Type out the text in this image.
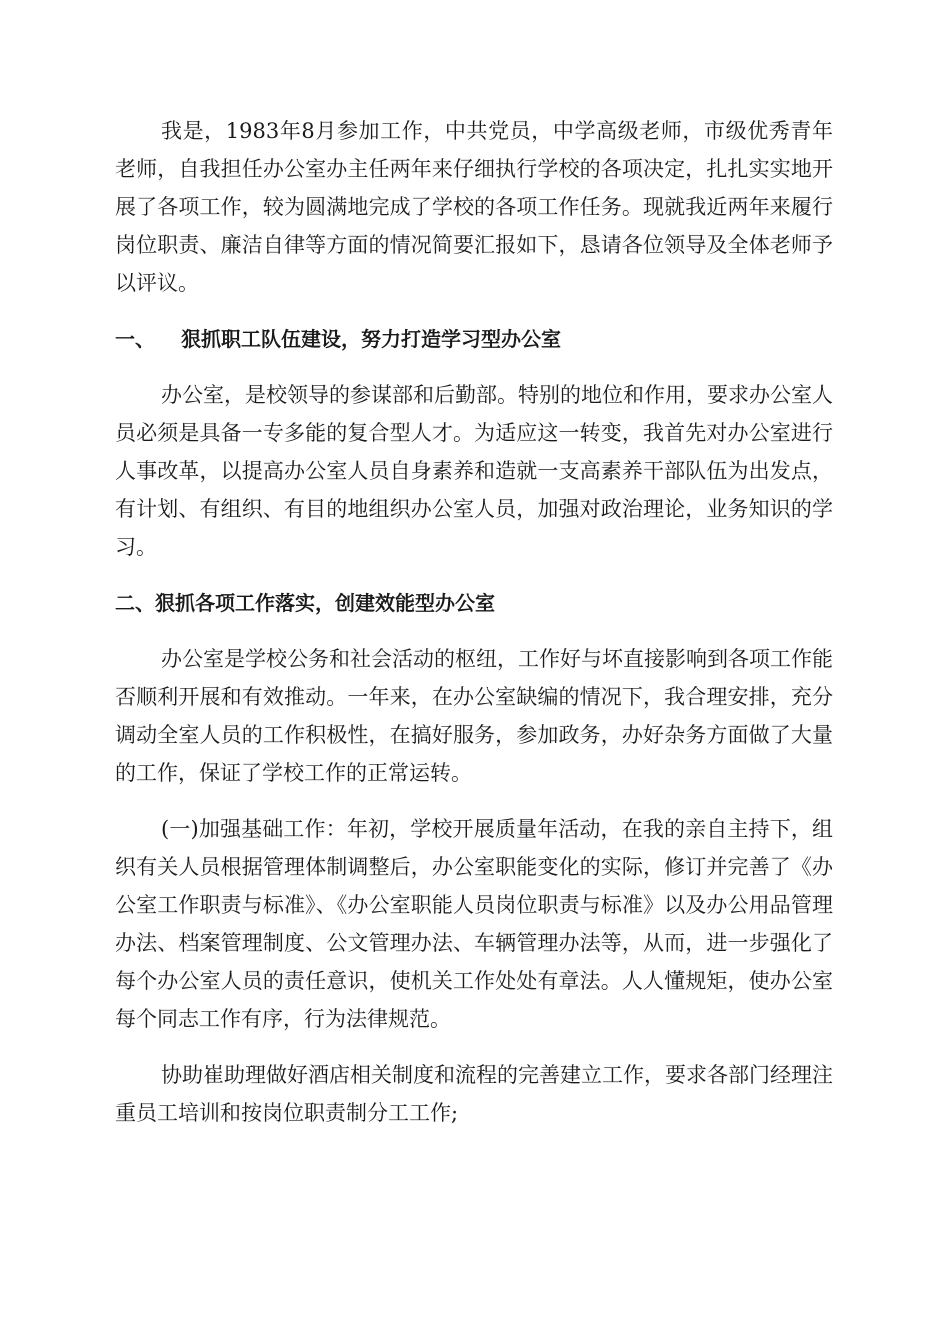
我是，1983年8月参加工作，中共党员，中学高级老师，市级优秀青年老师，自我担任办公室办主任两年来仔细执行学校的各项决定，扎扎实实地开展了各项工作，较为圆满地完成了学校的各项工作任务。现就我近两年来履行岗位职责、廉洁自律等方面的情况简要汇报如下，恳请各位领导及全体老师予以评议。

一、 狠抓职工队伍建设，努力打造学习型办公室

办公室，是校领导的参谋部和后勤部。特别的地位和作用，要求办公室人员必须是具备一专多能的复合型人才。为适应这一转变，我首先对办公室进行人事改革，以提高办公室人员自身素养和造就一支高素养干部队伍为出发点，有计划、有组织、有目的地组织办公室人员，加强对政治理论，业务知识的学习。

二、狠抓各项工作落实，创建效能型办公室

办公室是学校公务和社会活动的枢纽，工作好与坏直接影响到各项工作能否顺利开展和有效推动。一年来，在办公室缺编的情况下，我合理安排，充分调动全室人员的工作积极性，在搞好服务，参加政务，办好杂务方面做了大量的工作，保证了学校工作的正常运转。

(一)加强基础工作：年初，学校开展质量年活动，在我的亲自主持下，组织有关人员根据管理体制调整后，办公室职能变化的实际，修订并完善了《办公室工作职责与标准》、《办公室职能人员岗位职责与标准》以及办公用品管理办法、档案管理制度、公文管理办法、车辆管理办法等，从而，进一步强化了每个办公室人员的责任意识，使机关工作处处有章法。人人懂规矩，使办公室每个同志工作有序，行为法律规范。

协助崔助理做好酒店相关制度和流程的完善建立工作，要求各部门经理注重员工培训和按岗位职责制分工工作;
